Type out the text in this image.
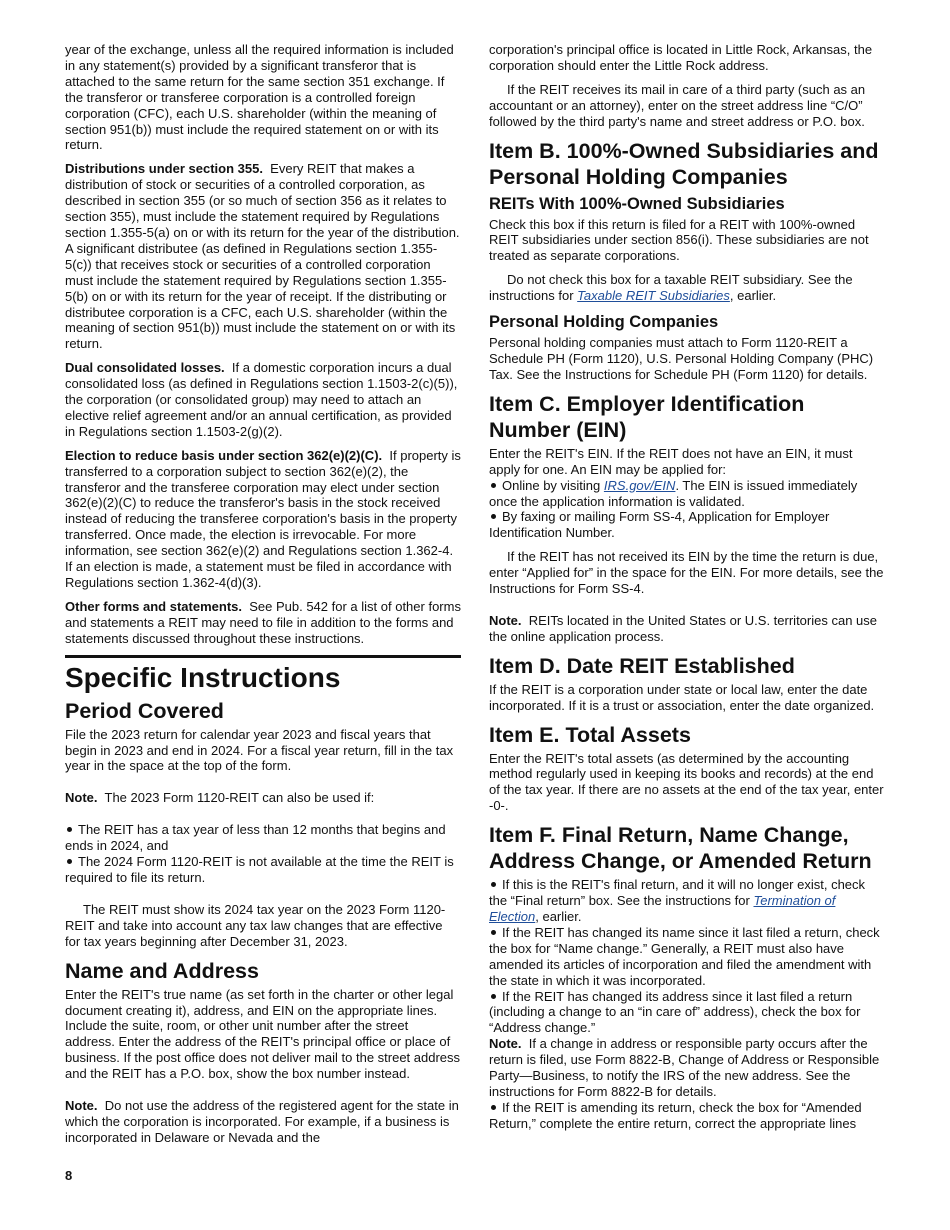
year of the exchange, unless all the required information is included in any statement(s) provided by a significant transferor that is attached to the same return for the same section 351 exchange. If the transferor or transferee corporation is a controlled foreign corporation (CFC), each U.S. shareholder (within the meaning of section 951(b)) must include the required statement on or with its return.

Distributions under section 355. Every REIT that makes a distribution of stock or securities of a controlled corporation, as described in section 355 (or so much of section 356 as it relates to section 355), must include the statement required by Regulations section 1.355-5(a) on or with its return for the year of the distribution. A significant distributee (as defined in Regulations section 1.355-5(c)) that receives stock or securities of a controlled corporation must include the statement required by Regulations section 1.355-5(b) on or with its return for the year of receipt. If the distributing or distributee corporation is a CFC, each U.S. shareholder (within the meaning of section 951(b)) must include the statement on or with its return.

Dual consolidated losses. If a domestic corporation incurs a dual consolidated loss (as defined in Regulations section 1.1503-2(c)(5)), the corporation (or consolidated group) may need to attach an elective relief agreement and/or an annual certification, as provided in Regulations section 1.1503-2(g)(2).

Election to reduce basis under section 362(e)(2)(C). If property is transferred to a corporation subject to section 362(e)(2), the transferor and the transferee corporation may elect under section 362(e)(2)(C) to reduce the transferor's basis in the stock received instead of reducing the transferee corporation's basis in the property transferred. Once made, the election is irrevocable. For more information, see section 362(e)(2) and Regulations section 1.362-4. If an election is made, a statement must be filed in accordance with Regulations section 1.362-4(d)(3).

Other forms and statements. See Pub. 542 for a list of other forms and statements a REIT may need to file in addition to the forms and statements discussed throughout these instructions.

Specific Instructions
Period Covered

File the 2023 return for calendar year 2023 and fiscal years that begin in 2023 and end in 2024. For a fiscal year return, fill in the tax year in the space at the top of the form.

Note. The 2023 Form 1120-REIT can also be used if:

The REIT has a tax year of less than 12 months that begins and ends in 2024, and
The 2024 Form 1120-REIT is not available at the time the REIT is required to file its return.

The REIT must show its 2024 tax year on the 2023 Form 1120-REIT and take into account any tax law changes that are effective for tax years beginning after December 31, 2023.

Name and Address

Enter the REIT's true name (as set forth in the charter or other legal document creating it), address, and EIN on the appropriate lines. Include the suite, room, or other unit number after the street address. Enter the address of the REIT's principal office or place of business. If the post office does not deliver mail to the street address and the REIT has a P.O. box, show the box number instead.

Note. Do not use the address of the registered agent for the state in which the corporation is incorporated. For example, if a business is incorporated in Delaware or Nevada and the

corporation's principal office is located in Little Rock, Arkansas, the corporation should enter the Little Rock address.

If the REIT receives its mail in care of a third party (such as an accountant or an attorney), enter on the street address line “C/O” followed by the third party's name and street address or P.O. box.

Item B. 100%-Owned Subsidiaries and Personal Holding Companies
REITs With 100%-Owned Subsidiaries

Check this box if this return is filed for a REIT with 100%-owned REIT subsidiaries under section 856(i). These subsidiaries are not treated as separate corporations.

Do not check this box for a taxable REIT subsidiary. See the instructions for Taxable REIT Subsidiaries, earlier.

Personal Holding Companies

Personal holding companies must attach to Form 1120-REIT a Schedule PH (Form 1120), U.S. Personal Holding Company (PHC) Tax. See the Instructions for Schedule PH (Form 1120) for details.

Item C. Employer Identification Number (EIN)

Enter the REIT's EIN. If the REIT does not have an EIN, it must apply for one. An EIN may be applied for:
Online by visiting IRS.gov/EIN. The EIN is issued immediately once the application information is validated.
By faxing or mailing Form SS-4, Application for Employer Identification Number.

If the REIT has not received its EIN by the time the return is due, enter “Applied for” in the space for the EIN. For more details, see the Instructions for Form SS-4.

Note. REITs located in the United States or U.S. territories can use the online application process.

Item D. Date REIT Established

If the REIT is a corporation under state or local law, enter the date incorporated. If it is a trust or association, enter the date organized.

Item E. Total Assets

Enter the REIT's total assets (as determined by the accounting method regularly used in keeping its books and records) at the end of the tax year. If there are no assets at the end of the tax year, enter -0-.

Item F. Final Return, Name Change, Address Change, or Amended Return

If this is the REIT's final return, and it will no longer exist, check the “Final return” box. See the instructions for Termination of Election, earlier.
If the REIT has changed its name since it last filed a return, check the box for “Name change.” Generally, a REIT must also have amended its articles of incorporation and filed the amendment with the state in which it was incorporated.
If the REIT has changed its address since it last filed a return (including a change to an “in care of” address), check the box for “Address change.”
Note. If a change in address or responsible party occurs after the return is filed, use Form 8822-B, Change of Address or Responsible Party—Business, to notify the IRS of the new address. See the instructions for Form 8822-B for details.
If the REIT is amending its return, check the box for “Amended Return,” complete the entire return, correct the appropriate lines

8
